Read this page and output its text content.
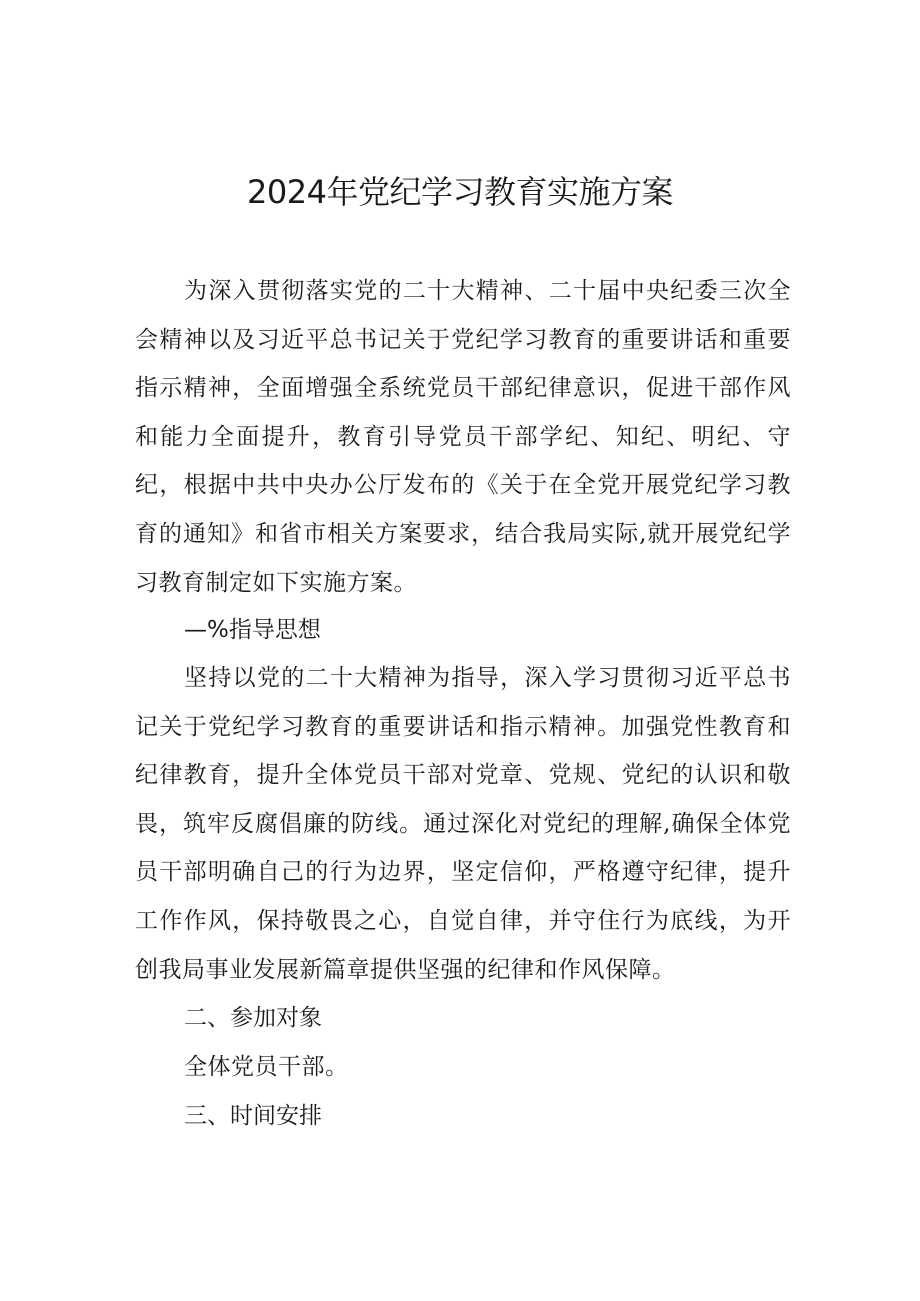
2024年党纪学习教育实施方案

为深入贯彻落实党的二十大精神、二十届中央纪委三次全会精神以及习近平总书记关于党纪学习教育的重要讲话和重要指示精神，全面增强全系统党员干部纪律意识，促进干部作风和能力全面提升，教育引导党员干部学纪、知纪、明纪、守纪，根据中共中央办公厅发布的《关于在全党开展党纪学习教育的通知》和省市相关方案要求，结合我局实际,就开展党纪学习教育制定如下实施方案。

—%指导思想

坚持以党的二十大精神为指导，深入学习贯彻习近平总书记关于党纪学习教育的重要讲话和指示精神。加强党性教育和纪律教育，提升全体党员干部对党章、党规、党纪的认识和敬畏，筑牢反腐倡廉的防线。通过深化对党纪的理解,确保全体党员干部明确自己的行为边界，坚定信仰，严格遵守纪律，提升工作作风，保持敬畏之心，自觉自律，并守住行为底线，为开创我局事业发展新篇章提供坚强的纪律和作风保障。

二、参加对象

全体党员干部。

三、时间安排
